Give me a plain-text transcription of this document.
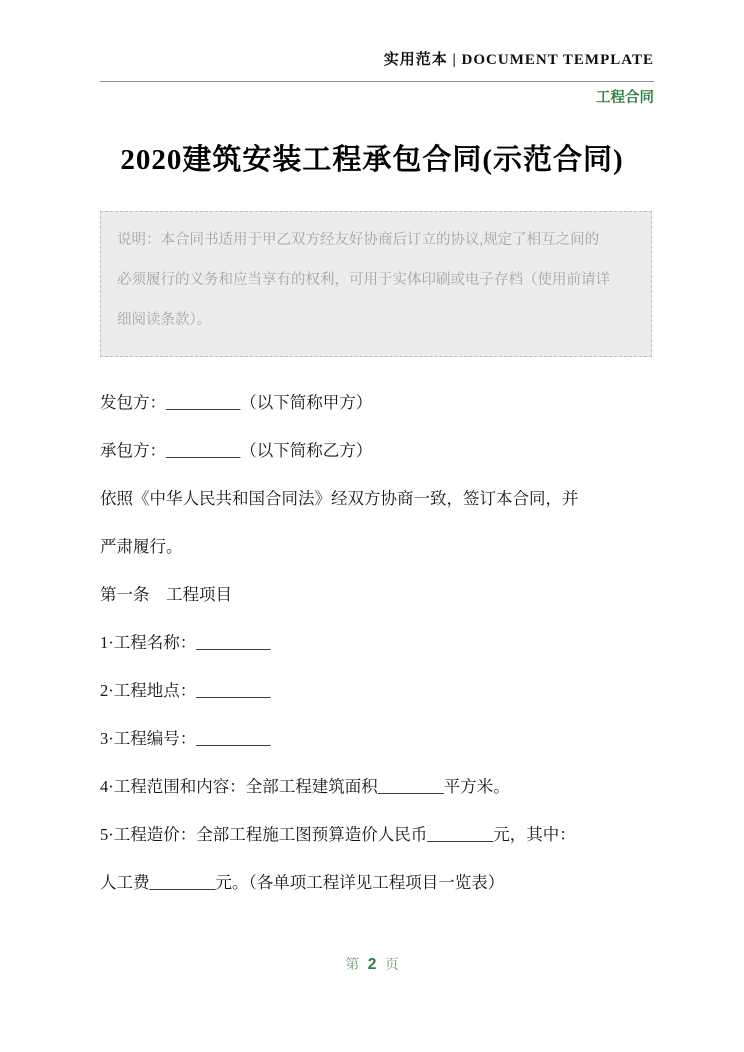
实用范本 | DOCUMENT TEMPLATE
工程合同
2020建筑安装工程承包合同(示范合同)
说明：本合同书适用于甲乙双方经友好协商后订立的协议,规定了相互之间的
必须履行的义务和应当享有的权利，可用于实体印刷或电子存档（使用前请详
细阅读条款）。
发包方：_________（以下简称甲方）
承包方：_________（以下简称乙方）
依照《中华人民共和国合同法》经双方协商一致，签订本合同，并
严肃履行。
第一条　工程项目
1·工程名称：_________
2·工程地点：_________
3·工程编号：_________
4·工程范围和内容：全部工程建筑面积________平方米。
5·工程造价：全部工程施工图预算造价人民币________元，其中：
人工费________元。（各单项工程详见工程项目一览表）
第 2 页
